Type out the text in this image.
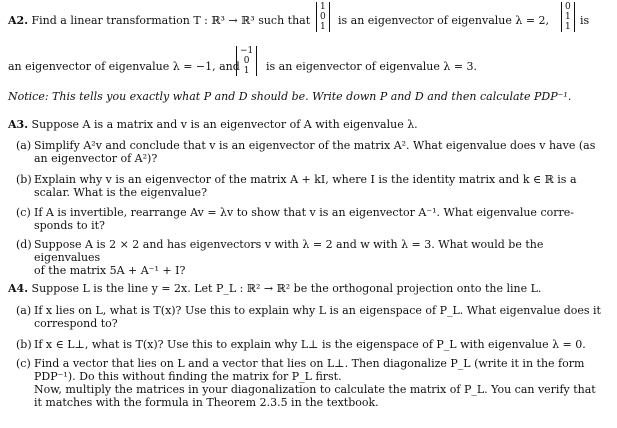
A2. Find a linear transformation T : ℝ³ → ℝ³ such that
1
0
1 is an eigenvector of eigenvalue λ = 2,
0
1
1 is
an eigenvector of eigenvalue λ = −1, and
−1
0
1	is an eigenvector of eigenvalue λ = 3.
Notice: This tells you exactly what P and D should be. Write down P and D and then calculate PDP⁻¹.
A3. Suppose A is a matrix and v is an eigenvector of A with eigenvalue λ.
(a) Simplify A²v and conclude that v is an eigenvector of the matrix A². What eigenvalue does v have (as
an eigenvector of A²)?
(b) Explain why v is an eigenvector of the matrix A + kI, where I is the identity matrix and k ∈ ℝ is a
scalar. What is the eigenvalue?
(c) If A is invertible, rearrange Av = λv to show that v is an eigenvector A⁻¹. What eigenvalue corre-
sponds to it?
(d) Suppose A is 2 × 2 and has eigenvectors v with λ = 2 and w with λ = 3. What would be the eigenvalues
of the matrix 5A + A⁻¹ + I?
A4. Suppose L is the line y = 2x. Let P_L : ℝ² → ℝ² be the orthogonal projection onto the line L.
(a) If x lies on L, what is T(x)? Use this to explain why L is an eigenspace of P_L. What eigenvalue does it
correspond to?
(b) If x ∈ L⊥, what is T(x)? Use this to explain why L⊥ is the eigenspace of P_L with eigenvalue λ = 0.
(c) Find a vector that lies on L and a vector that lies on L⊥. Then diagonalize P_L (write it in the form
PDP⁻¹). Do this without finding the matrix for P_L first.
Now, multiply the matrices in your diagonalization to calculate the matrix of P_L. You can verify that
it matches with the formula in Theorem 2.3.5 in the textbook.
